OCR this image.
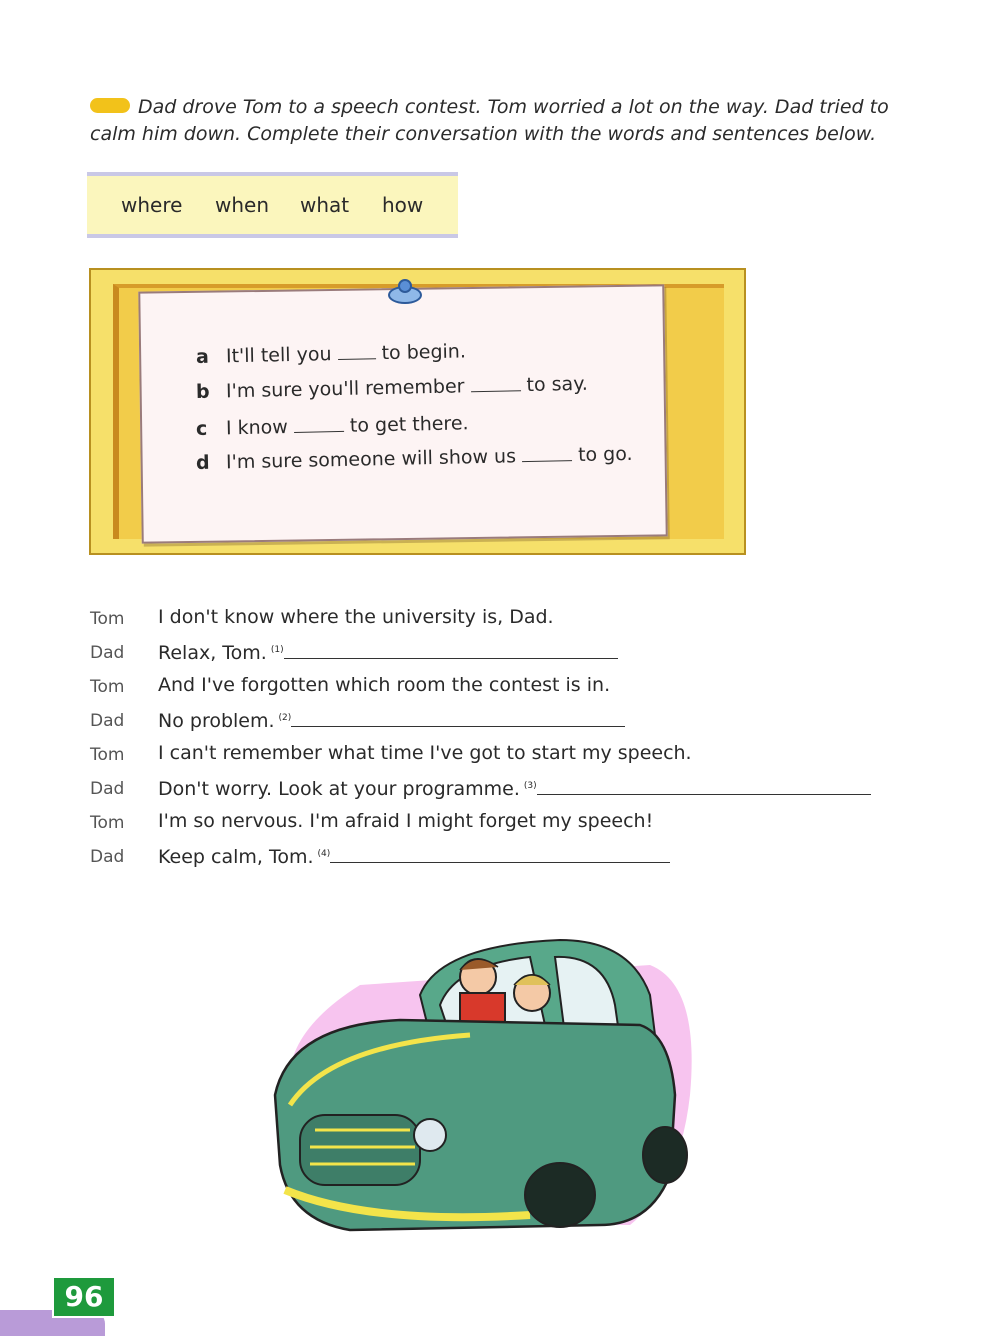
Dad drove Tom to a speech contest. Tom worried a lot on the way. Dad tried to calm him down. Complete their conversation with the words and sentences below.
where when what how
a It'll tell you	to begin.
b I'm sure you'll remember	to say.
c I know	to get there.
d I'm sure someone will show us	to go.
Tom I don't know where the university is, Dad.
Dad Relax, Tom. $^{(1)}$
Tom And I've forgotten which room the contest is in.
Dad No problem. $^{(2)}$
Tom I can't remember what time I've got to start my speech.
Dad Don't worry. Look at your programme. $^{(3)}$
Tom I'm so nervous. I'm afraid I might forget my speech!
Dad Keep calm, Tom. $^{(4)}$
96
